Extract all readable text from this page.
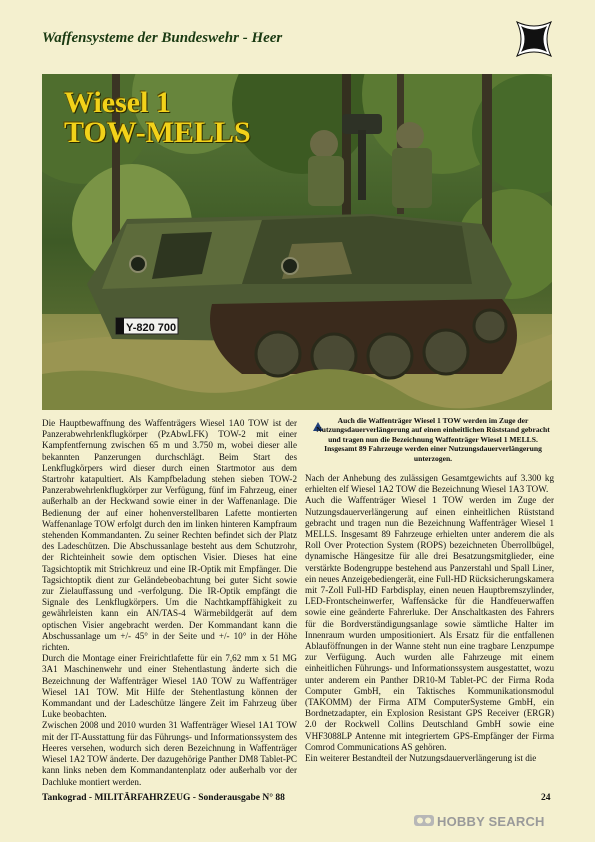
Waffensysteme der Bundeswehr - Heer
Y-820 700
Wiesel 1
TOW-MELLS
Auch die Waffenträger Wiesel 1 TOW werden im Zuge der Nutzungsdauerverlängerung auf einen einheitlichen Rüststand gebracht und tragen nun die Bezeichnung Waffenträger Wiesel 1 MELLS. Insgesamt 89 Fahrzeuge werden einer Nutzungsdauerverlängerung unterzogen.

Die Hauptbewaffnung des Waffenträgers Wiesel 1A0 TOW ist der Panzerabwehrlenkflugkörper (PzAbwLFK) TOW-2 mit einer Kampfentfernung zwischen 65 m und 3.750 m, wobei dieser alle bekannten Panzerungen durchschlägt. Beim Start des Lenkflugkörpers wird dieser durch einen Startmotor aus dem Startrohr katapultiert. Als Kampfbeladung stehen sieben TOW-2 Panzerabwehrlenkflugkörper zur Verfügung, fünf im Fahrzeug, einer außerhalb an der Heckwand sowie einer in der Waffenanlage. Die Bedienung der auf einer hohenverstellbaren Lafette montierten Waffenanlage TOW erfolgt durch den im linken hinteren Kampfraum stehenden Kommandanten. Zu seiner Rechten befindet sich der Platz des Ladeschützen. Die Abschussanlage besteht aus dem Schutzrohr, der Richteinheit sowie dem optischen Visier. Dieses hat eine Tagsichtoptik mit Strichkreuz und eine IR-Optik mit Empfänger. Die Tagsichtoptik dient zur Geländebeobachtung bei guter Sicht sowie zur Zielauffassung und -verfolgung. Die IR-Optik empfängt die Signale des Lenkflugkörpers. Um die Nachtkampffähigkeit zu gewährleisten kann ein AN/TAS-4 Wärmebildgerät auf dem optischen Visier angebracht werden. Der Kommandant kann die Abschussanlage um +/- 45° in der Seite und +/- 10° in der Höhe richten.

Durch die Montage einer Freirichtlafette für ein 7,62 mm x 51 MG 3A1 Maschinenwehr und einer Stehentlastung änderte sich die Bezeichnung der Waffenträger Wiesel 1A0 TOW zu Waffenträger Wiesel 1A1 TOW. Mit Hilfe der Stehentlastung können der Kommandant und der Ladeschütze längere Zeit im Fahrzeug über Luke beobachten.

Zwischen 2008 und 2010 wurden 31 Waffenträger Wiesel 1A1 TOW mit der IT-Ausstattung für das Führungs- und Informationssystem des Heeres versehen, wodurch sich deren Bezeichnung in Waffenträger Wiesel 1A2 TOW änderte. Der dazugehörige Panther DM8 Tablet-PC kann links neben dem Kommandantenplatz oder außerhalb vor der Dachluke montiert werden.

Nach der Anhebung des zulässigen Gesamtgewichts auf 3.300 kg erhielten elf Wiesel 1A2 TOW die Bezeichnung Wiesel 1A3 TOW.

Auch die Waffenträger Wiesel 1 TOW werden im Zuge der Nutzungsdauerverlängerung auf einen einheitlichen Rüststand gebracht und tragen nun die Bezeichnung Waffenträger Wiesel 1 MELLS. Insgesamt 89 Fahrzeuge erhielten unter anderem die als Roll Over Protection System (ROPS) bezeichneten Überrollbügel, dynamische Hängesitze für alle drei Besatzungsmitglieder, eine verstärkte Bodengruppe bestehend aus Panzerstahl und Spall Liner, ein neues Anzeigebediengerät, eine Full-HD Rücksicherungskamera mit 7-Zoll Full-HD Farbdisplay, einen neuen Hauptbremszylinder, LED-Frontscheinwerfer, Waffensäcke für die Handfeuerwaffen sowie eine geänderte Fahrerluke. Der Anschaltkasten des Fahrers für die Bordverständigungsanlage sowie sämtliche Halter im Innenraum wurden umpositioniert. Als Ersatz für die entfallenen Ablauföffnungen in der Wanne steht nun eine tragbare Lenzpumpe zur Verfügung. Auch wurden alle Fahrzeuge mit einem einheitlichen Führungs- und Informationssystem ausgestattet, wozu unter anderem ein Panther DR10-M Tablet-PC der Firma Roda Computer GmbH, ein Taktisches Kommunikationsmodul (TAKOMM) der Firma ATM ComputerSysteme GmbH, ein Bordnetzadapter, ein Explosion Resistant GPS Receiver (ERGR) 2.0 der Rockwell Collins Deutschland GmbH sowie eine VHF3088LP Antenne mit integriertem GPS-Empfänger der Firma Comrod Communications AS gehören.

Ein weiterer Bestandteil der Nutzungsdauerverlängerung ist die

Tankograd - MILITÄRFAHRZEUG - Sonderausgabe N° 88	24
HOBBY SEARCH
